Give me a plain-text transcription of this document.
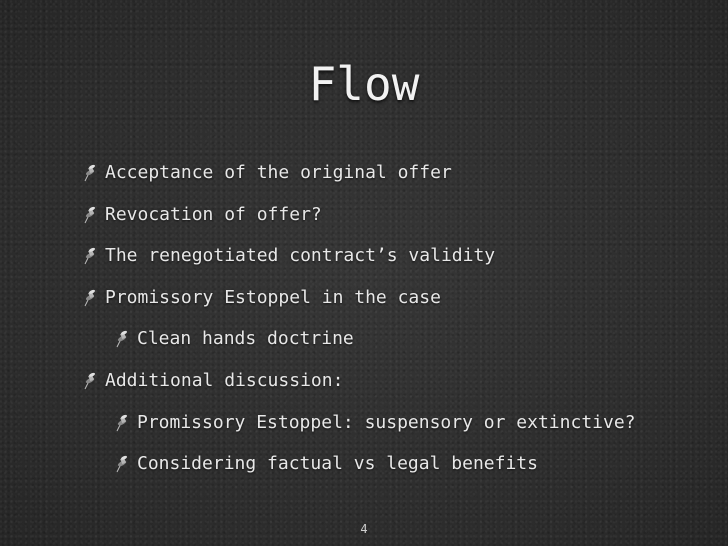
Flow
Acceptance of the original offer
Revocation of offer?
The renegotiated contract’s validity
Promissory Estoppel in the case
Clean hands doctrine
Additional discussion:
Promissory Estoppel: suspensory or extinctive?
Considering factual vs legal benefits
4
